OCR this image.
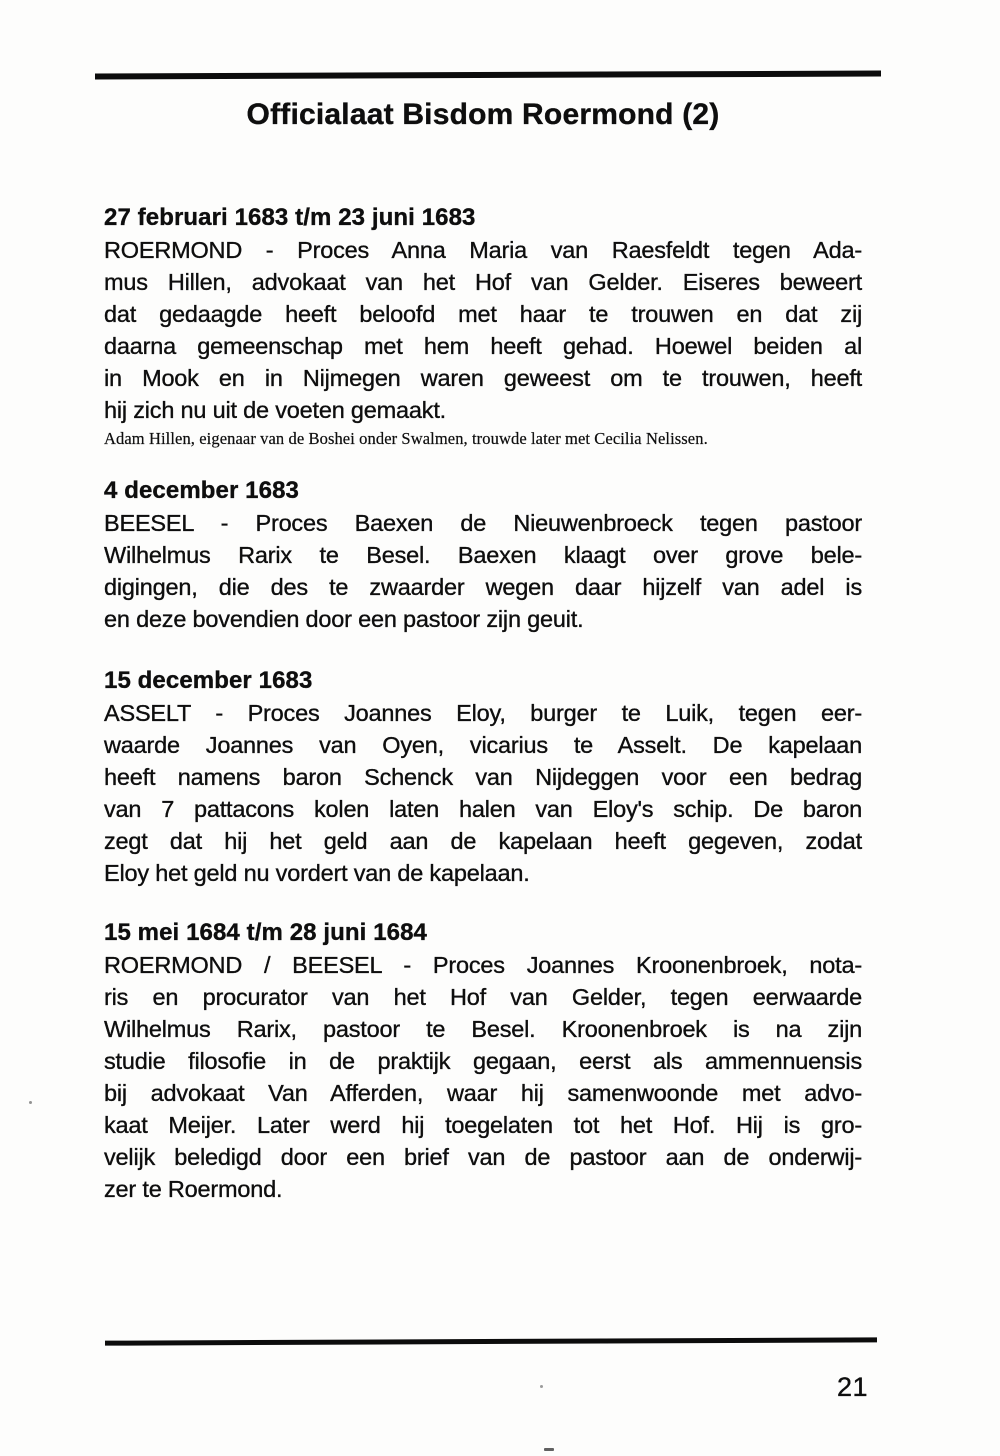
Officialaat Bisdom Roermond (2)
27 februari 1683 t/m 23 juni 1683
ROERMOND - Proces Anna Maria van Raesfeldt tegen Ada-
mus Hillen, advokaat van het Hof van Gelder. Eiseres beweert
dat gedaagde heeft beloofd met haar te trouwen en dat zij
daarna gemeenschap met hem heeft gehad. Hoewel beiden al
in Mook en in Nijmegen waren geweest om te trouwen, heeft
hij zich nu uit de voeten gemaakt.
Adam Hillen, eigenaar van de Boshei onder Swalmen, trouwde later met Cecilia Nelissen.
4 december 1683
BEESEL - Proces Baexen de Nieuwenbroeck tegen pastoor
Wilhelmus Rarix te Besel. Baexen klaagt over grove bele-
digingen, die des te zwaarder wegen daar hijzelf van adel is
en deze bovendien door een pastoor zijn geuit.
15 december 1683
ASSELT - Proces Joannes Eloy, burger te Luik, tegen eer-
waarde Joannes van Oyen, vicarius te Asselt. De kapelaan
heeft namens baron Schenck van Nijdeggen voor een bedrag
van 7 pattacons kolen laten halen van Eloy's schip. De baron
zegt dat hij het geld aan de kapelaan heeft gegeven, zodat
Eloy het geld nu vordert van de kapelaan.
15 mei 1684 t/m 28 juni 1684
ROERMOND / BEESEL - Proces Joannes Kroonenbroek, nota-
ris en procurator van het Hof van Gelder, tegen eerwaarde
Wilhelmus Rarix, pastoor te Besel. Kroonenbroek is na zijn
studie filosofie in de praktijk gegaan, eerst als ammennuensis
bij advokaat Van Afferden, waar hij samenwoonde met advo-
kaat Meijer. Later werd hij toegelaten tot het Hof. Hij is gro-
velijk beledigd door een brief van de pastoor aan de onderwij-
zer te Roermond.
21
